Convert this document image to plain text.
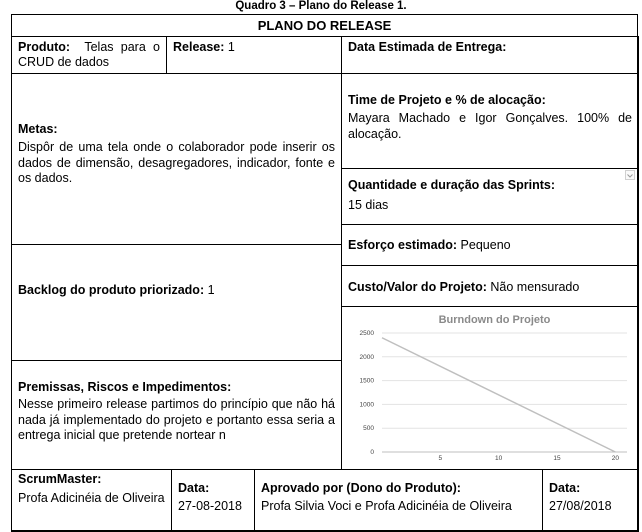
Quadro 3 – Plano do Release 1.
PLANO DO RELEASE
Produto: Telas para o CRUD de dados
Release: 1	Data Estimada de Entrega:
Metas:
Dispôr de uma tela onde o colaborador pode inserir os dados de dimensão, desagregadores, indicador, fonte e os dados.
Time de Projeto e % de alocação:
Mayara Machado e Igor Gonçalves. 100% de alocação.
Quantidade e duração das Sprints:
15 dias
Esforço estimado: Pequeno
Backlog do produto priorizado: 1	Custo/Valor do Projeto: Não mensurado
Burndown do Projeto
0
500
1000
1500
2000
2500
5	10	15	20
Premissas, Riscos e Impedimentos:
Nesse primeiro release partimos do princípio que não há nada já implementado do projeto e portanto essa seria a entrega inicial que pretende nortear n
ScrumMaster:
Profa Adicinéia de Oliveira
Data:
27-08-2018
Aprovado por (Dono do Produto):
Profa Silvia Voci e Profa Adicinéia de Oliveira
Data:
27/08/2018
